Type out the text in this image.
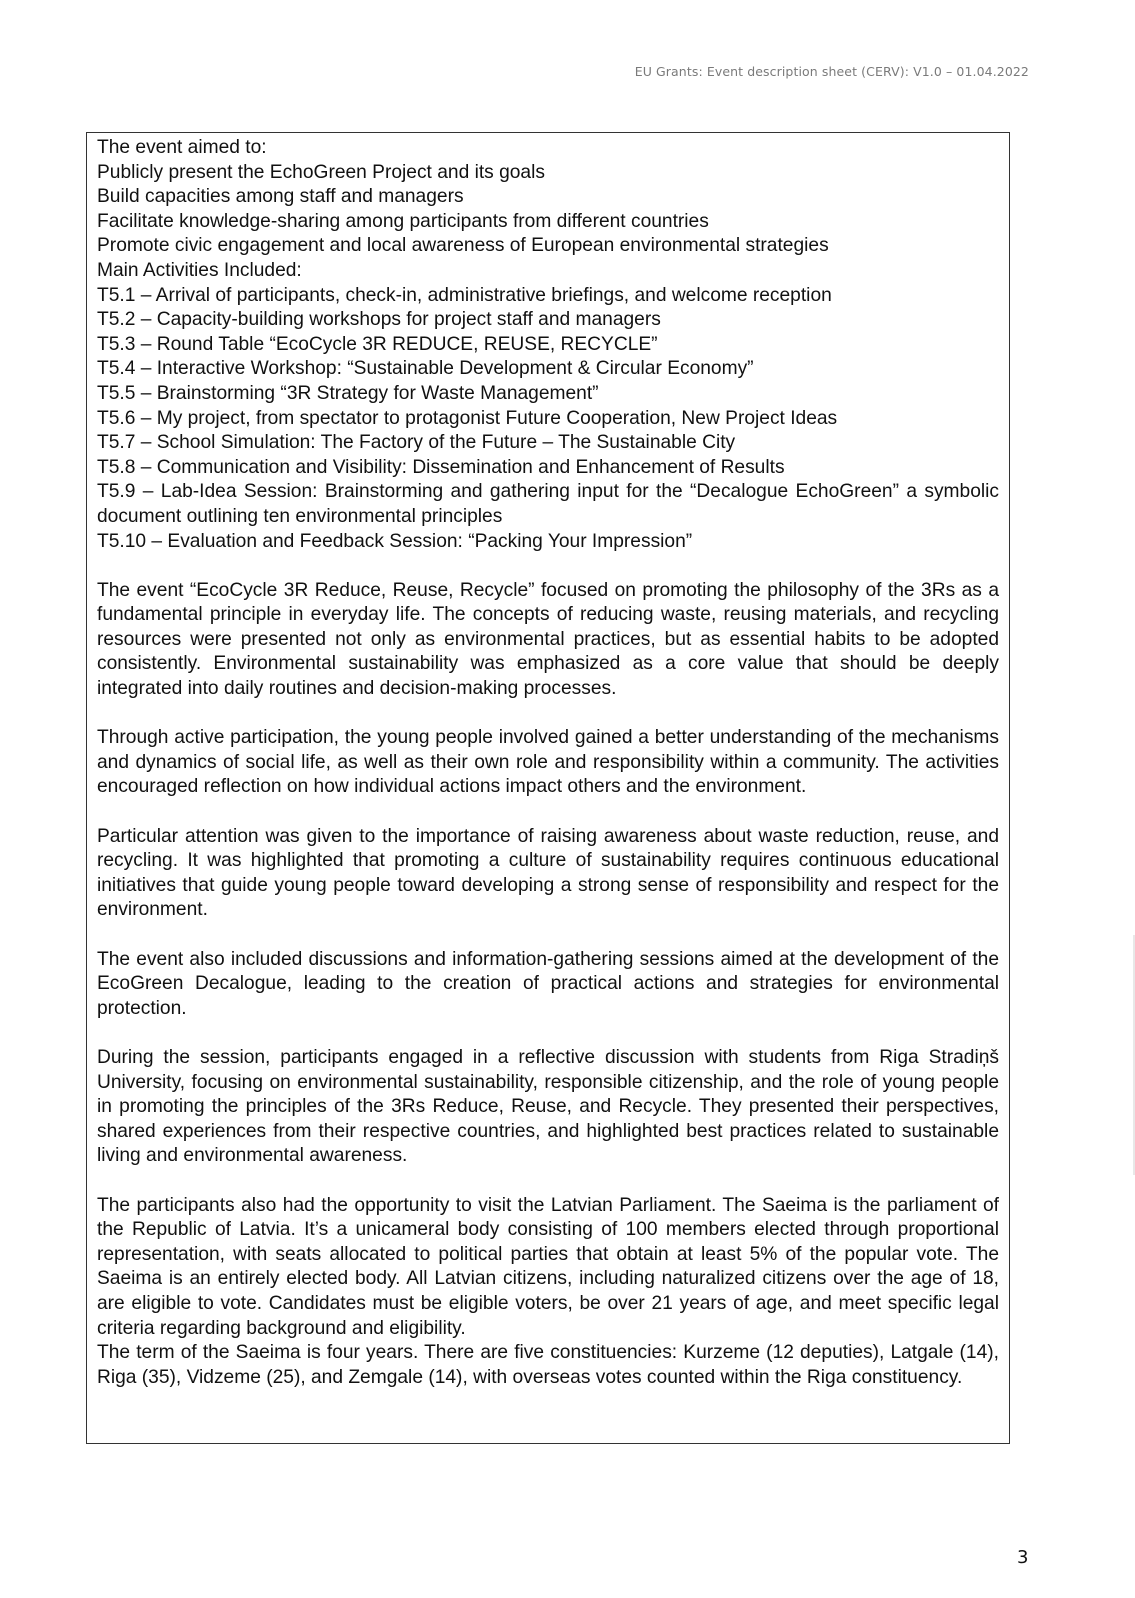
EU Grants: Event description sheet (CERV): V1.0 – 01.04.2022
The event aimed to:
Publicly present the EchoGreen Project and its goals
Build capacities among staff and managers
Facilitate knowledge-sharing among participants from different countries
Promote civic engagement and local awareness of European environmental strategies
Main Activities Included:
T5.1 – Arrival of participants, check-in, administrative briefings, and welcome reception
T5.2 – Capacity-building workshops for project staff and managers
T5.3 – Round Table “EcoCycle 3R REDUCE, REUSE, RECYCLE”
T5.4 – Interactive Workshop: “Sustainable Development & Circular Economy”
T5.5 – Brainstorming “3R Strategy for Waste Management”
T5.6 – My project, from spectator to protagonist Future Cooperation, New Project Ideas
T5.7 – School Simulation: The Factory of the Future – The Sustainable City
T5.8 – Communication and Visibility: Dissemination and Enhancement of Results
T5.9 – Lab-Idea Session: Brainstorming and gathering input for the “Decalogue EchoGreen” a symbolic document outlining ten environmental principles
T5.10 – Evaluation and Feedback Session: “Packing Your Impression”

The event “EcoCycle 3R Reduce, Reuse, Recycle” focused on promoting the philosophy of the 3Rs as a fundamental principle in everyday life. The concepts of reducing waste, reusing materials, and recycling resources were presented not only as environmental practices, but as essential habits to be adopted consistently. Environmental sustainability was emphasized as a core value that should be deeply integrated into daily routines and decision-making processes.

Through active participation, the young people involved gained a better understanding of the mechanisms and dynamics of social life, as well as their own role and responsibility within a community. The activities encouraged reflection on how individual actions impact others and the environment.

Particular attention was given to the importance of raising awareness about waste reduction, reuse, and recycling. It was highlighted that promoting a culture of sustainability requires continuous educational initiatives that guide young people toward developing a strong sense of responsibility and respect for the environment.

The event also included discussions and information-gathering sessions aimed at the development of the EcoGreen Decalogue, leading to the creation of practical actions and strategies for environmental protection.

During the session, participants engaged in a reflective discussion with students from Riga Stradiņš University, focusing on environmental sustainability, responsible citizenship, and the role of young people in promoting the principles of the 3Rs Reduce, Reuse, and Recycle. They presented their perspectives, shared experiences from their respective countries, and highlighted best practices related to sustainable living and environmental awareness.

The participants also had the opportunity to visit the Latvian Parliament. The Saeima is the parliament of the Republic of Latvia. It’s a unicameral body consisting of 100 members elected through proportional representation, with seats allocated to political parties that obtain at least 5% of the popular vote. The Saeima is an entirely elected body. All Latvian citizens, including naturalized citizens over the age of 18, are eligible to vote. Candidates must be eligible voters, be over 21 years of age, and meet specific legal criteria regarding background and eligibility.

The term of the Saeima is four years. There are five constituencies: Kurzeme (12 deputies), Latgale (14), Riga (35), Vidzeme (25), and Zemgale (14), with overseas votes counted within the Riga constituency.

3
